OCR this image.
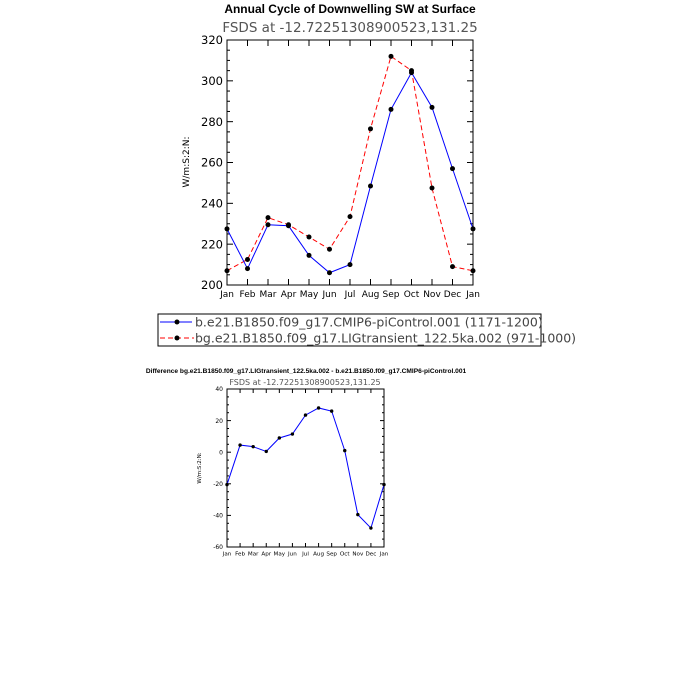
Annual Cycle of Downwelling SW at Surface
FSDS at -12.72251308900523,131.25
W/m:S:2:N:
200
220
240
260
280
300
320
Jan Feb Mar Apr May Jun Jul Aug Sep Oct Nov Dec Jan
b.e21.B1850.f09_g17.CMIP6-piControl.001 (1171-1200)
bg.e21.B1850.f09_g17.LIGtransient_122.5ka.002 (971-1000)
Difference bg.e21.B1850.f09_g17.LIGtransient_122.5ka.002 - b.e21.B1850.f09_g17.CMIP6-piControl.001
FSDS at -12.72251308900523,131.25
W/m:S:2:N:
-60
-40
-20
0
20
40
Jan Feb Mar Apr May Jun Jul Aug Sep Oct Nov Dec Jan
